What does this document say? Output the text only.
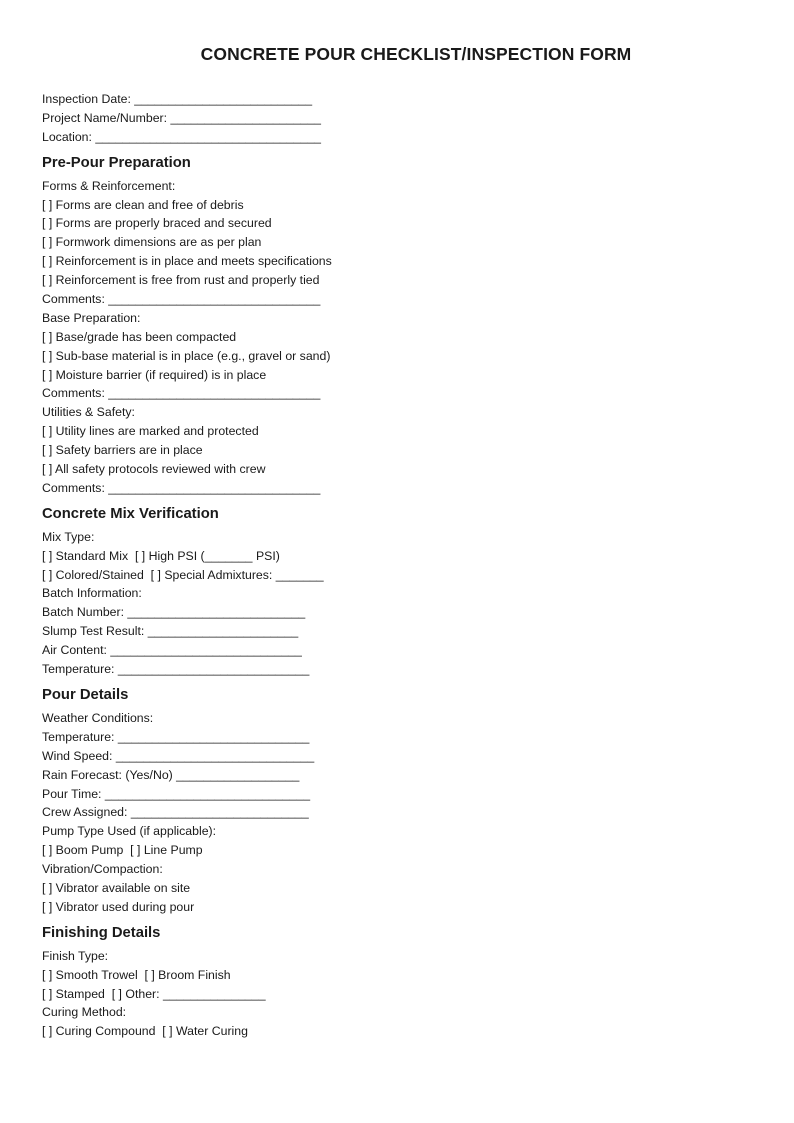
CONCRETE POUR CHECKLIST/INSPECTION FORM
Inspection Date: __________________________
Project Name/Number: ______________________
Location: _________________________________
Pre-Pour Preparation
Forms & Reinforcement:
[ ] Forms are clean and free of debris
[ ] Forms are properly braced and secured
[ ] Formwork dimensions are as per plan
[ ] Reinforcement is in place and meets specifications
[ ] Reinforcement is free from rust and properly tied
Comments: _______________________________
Base Preparation:
[ ] Base/grade has been compacted
[ ] Sub-base material is in place (e.g., gravel or sand)
[ ] Moisture barrier (if required) is in place
Comments: _______________________________
Utilities & Safety:
[ ] Utility lines are marked and protected
[ ] Safety barriers are in place
[ ] All safety protocols reviewed with crew
Comments: _______________________________
Concrete Mix Verification
Mix Type:
[ ] Standard Mix  [ ] High PSI (_______ PSI)
[ ] Colored/Stained  [ ] Special Admixtures: _______
Batch Information:
Batch Number: __________________________
Slump Test Result: ______________________
Air Content: ____________________________
Temperature: ____________________________
Pour Details
Weather Conditions:
Temperature: ____________________________
Wind Speed: _____________________________
Rain Forecast: (Yes/No) __________________
Pour Time: ______________________________
Crew Assigned: __________________________
Pump Type Used (if applicable):
[ ] Boom Pump  [ ] Line Pump
Vibration/Compaction:
[ ] Vibrator available on site
[ ] Vibrator used during pour
Finishing Details
Finish Type:
[ ] Smooth Trowel  [ ] Broom Finish
[ ] Stamped  [ ] Other: _______________
Curing Method:
[ ] Curing Compound  [ ] Water Curing
